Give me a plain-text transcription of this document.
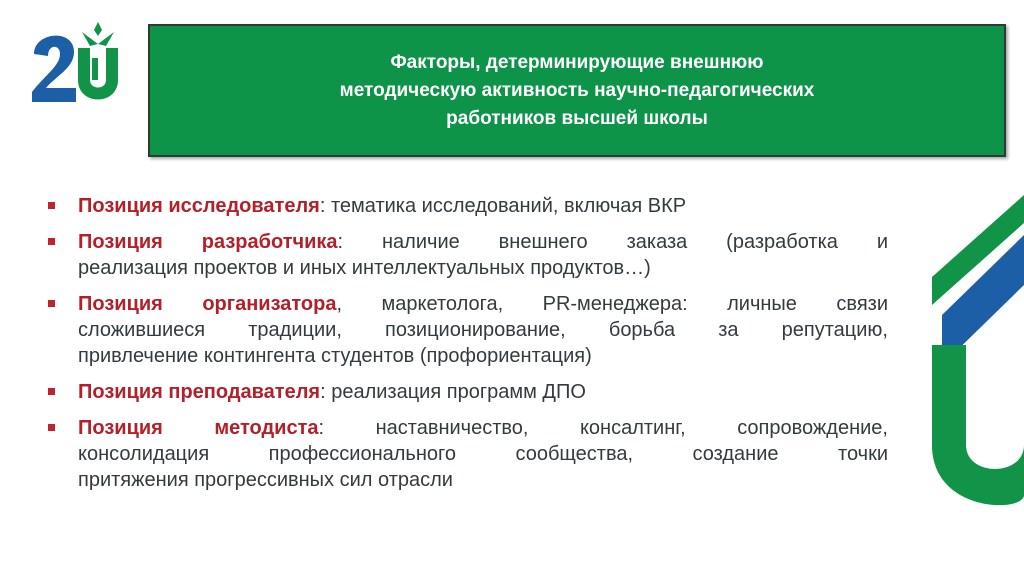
Факторы, детерминирующие внешнюю
методическую активность научно-педагогических
работников высшей школы
Позиция исследователя: тематика исследований, включая ВКР
Позиция разработчика: наличие внешнего заказа (разработка и
реализация проектов и иных интеллектуальных продуктов…)
Позиция организатора, маркетолога, PR-менеджера: личные связи
сложившиеся традиции, позиционирование, борьба за репутацию,
привлечение контингента студентов (профориентация)
Позиция преподавателя: реализация программ ДПО
Позиция методиста: наставничество, консалтинг, сопровождение,
консолидация профессионального сообщества, создание точки
притяжения прогрессивных сил отрасли
